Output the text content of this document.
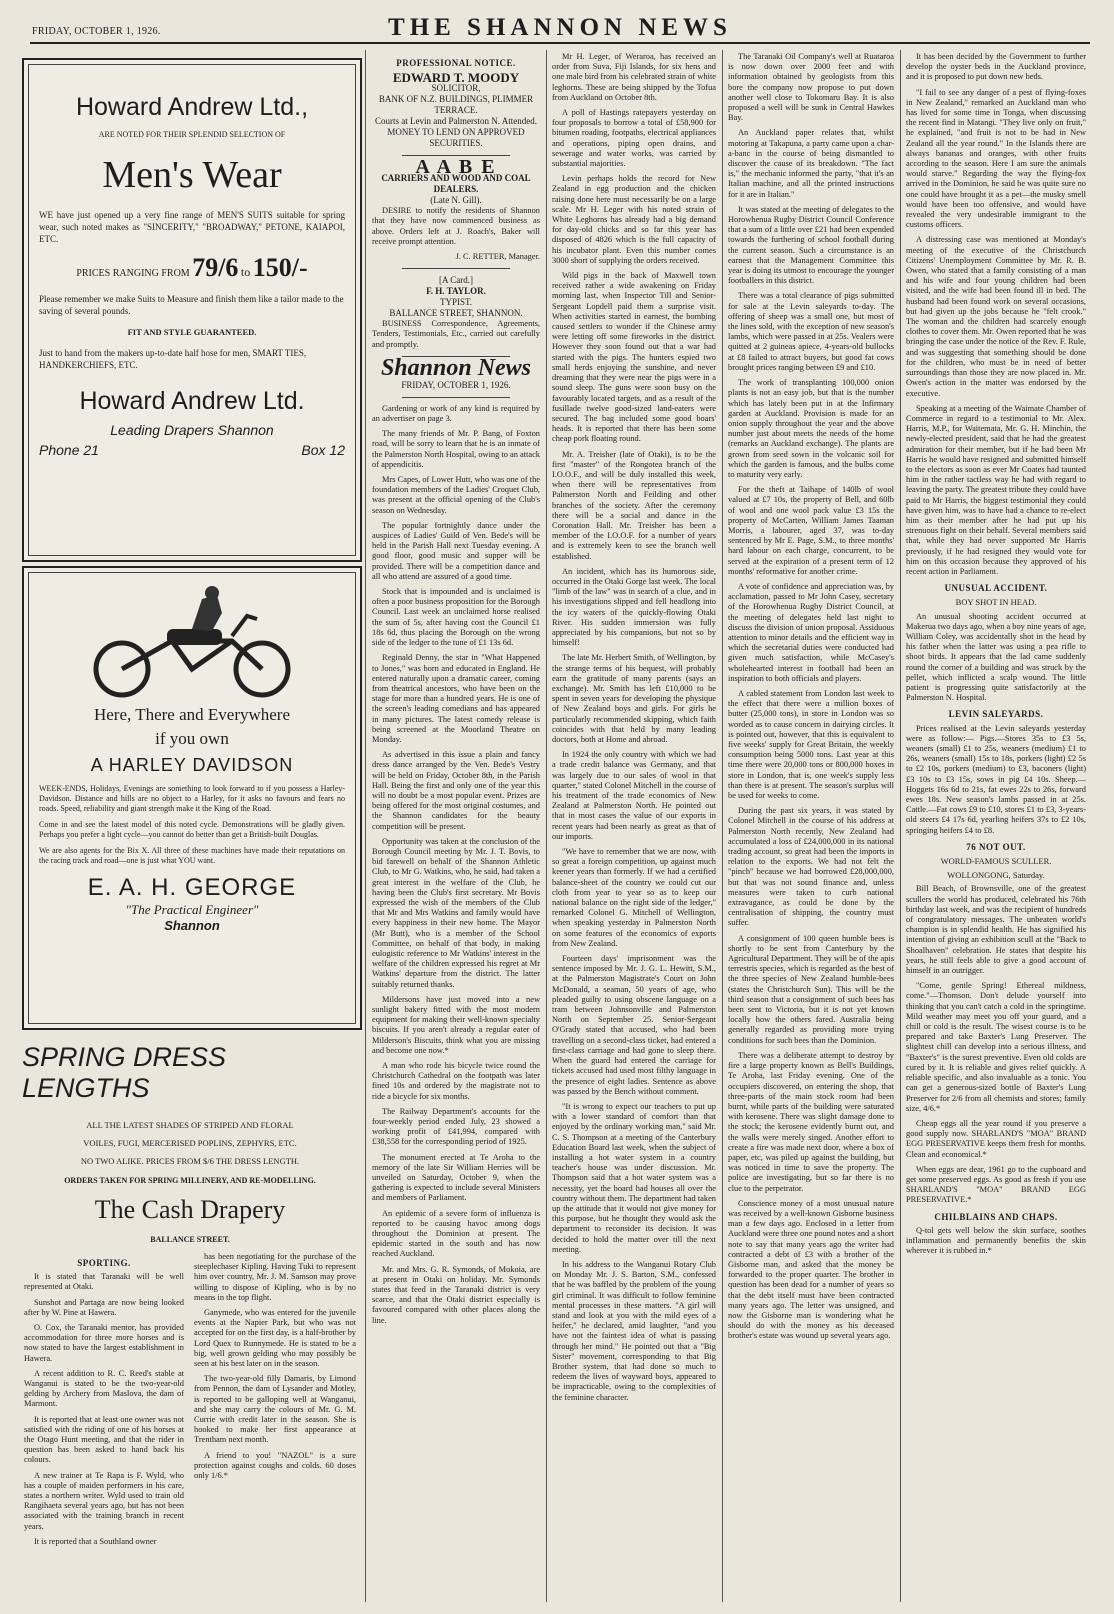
FRIDAY, OCTOBER 1, 1926.	THE SHANNON NEWS
Howard Andrew Ltd.,
ARE NOTED FOR THEIR SPLENDID SELECTION OF
Men's Wear
WE have just opened up a very fine range of MEN'S SUITS suitable for spring wear, such noted makes as "SINCERITY," "BROADWAY," PETONE, KAIAPOI, ETC.
PRICES RANGING FROM 79/6 to 150/-
Please remember we make Suits to Measure and finish them like a tailor made to the saving of several pounds.
FIT AND STYLE GUARANTEED.
Just to hand from the makers up-to-date half hose for men, SMART TIES, HANDKERCHIEFS, ETC.
Howard Andrew Ltd.
Leading Drapers Shannon
Phone 21	Box 12
Here, There and Everywhere
if you own
A HARLEY DAVIDSON
WEEK-ENDS, Holidays, Evenings are something to look forward to if you possess a Harley-Davidson. Distance and hills are no object to a Harley, for it asks no favours and fears no roads. Speed, reliability and giant strength make it the King of the Road.
Come in and see the latest model of this noted cycle. Demonstrations will be gladly given. Perhaps you prefer a light cycle—you cannot do better than get a British-built Douglas.
We are also agents for the Bix X. All three of these machines have made their reputations on the racing track and road—one is just what YOU want.
E. A. H. GEORGE
"The Practical Engineer"
Shannon
SPRING DRESS LENGTHS
ALL THE LATEST SHADES OF STRIPED AND FLORAL
VOILES, FUGI, MERCERISED POPLINS, ZEPHYRS, ETC.
NO TWO ALIKE. PRICES FROM $/6 THE DRESS LENGTH.
ORDERS TAKEN FOR SPRING MILLINERY, AND RE-MODELLING.
The Cash Drapery
BALLANCE STREET.
SPORTING.

It is stated that Taranaki will be well represented at Otaki.

Sunshot and Partaga are now being looked after by W. Pine at Hawera.

O. Cox, the Taranaki mentor, has provided accommodation for three more horses and is now stated to have the largest establishment in Hawera.

A recent addition to R. C. Reed's stable at Wanganui is stated to be the two-year-old gelding by Archery from Maslova, the dam of Marmont.

It is reported that at least one owner was not satisfied with the riding of one of his horses at the Otago Hunt meeting, and that the rider in question has been asked to hand back his colours.

A new trainer at Te Rapa is F. Wyld, who has a couple of maiden performers in his care, states a northern writer. Wyld used to train old Rangihaeta several years ago, but has not been associated with the training branch in recent years.

It is reported that a Southland owner

has been negotiating for the purchase of the steeplechaser Kipling. Having Tuki to represent him over country, Mr. J. M. Samson may prove willing to dispose of Kipling, who is by no means in the top flight.

Ganymede, who was entered for the juvenile events at the Napier Park, but who was not accepted for on the first day, is a half-brother by Lord Quex to Runnymede. He is stated to be a big, well grown gelding who may possibly be seen at his best later on in the season.

The two-year-old filly Damaris, by Limond from Pennon, the dam of Lysander and Motley, is reported to be galloping well at Wanganui, and she may carry the colours of Mr. G. M. Currie with credit later in the season. She is hooked to make her first appearance at Trentham next month.

A friend to you! "NAZOL" is a sure protection against coughs and colds. 60 doses only 1/6.*

PROFESSIONAL NOTICE.
EDWARD T. MOODY
SOLICITOR,
BANK OF N.Z. BUILDINGS, PLIMMER TERRACE.
Courts at Levin and Palmerston N. Attended.
MONEY TO LEND ON APPROVED SECURITIES.
A A B E
CARRIERS AND WOOD AND COAL DEALERS.
(Late N. Gill).

DESIRE to notify the residents of Shannon that they have now commenced business as above. Orders left at J. Roach's, Baker will receive prompt attention.

J. C. RETTER, Manager.
[A Card.]
F. H. TAYLOR.
TYPIST.
BALLANCE STREET, SHANNON.

BUSINESS Correspondence, Agreements, Tenders, Testimonials, Etc., carried out carefully and promptly.

Shannon News
FRIDAY, OCTOBER 1, 1926.

Gardening or work of any kind is required by an advertiser on page 3.

The many friends of Mr. P. Bang, of Foxton road, will be sorry to learn that he is an inmate of the Palmerston North Hospital, owing to an attack of appendicitis.

Mrs Capes, of Lower Hutt, who was one of the foundation members of the Ladies' Croquet Club, was present at the official opening of the Club's season on Wednesday.

The popular fortnightly dance under the auspices of Ladies' Guild of Ven. Bede's will be held in the Parish Hall next Tuesday evening. A good floor, good music and supper will be provided. There will be a competition dance and all who attend are assured of a good time.

Stock that is impounded and is unclaimed is often a poor business proposition for the Borough Council. Last week an unclaimed horse realised the sum of 5s, after having cost the Council £1 18s 6d, thus placing the Borough on the wrong side of the ledger to the tune of £1 13s 6d.

Reginald Denny, the star in "What Happened to Jones," was born and educated in England. He entered naturally upon a dramatic career, coming from theatrical ancestors, who have been on the stage for more than a hundred years. He is one of the screen's leading comedians and has appeared in many pictures. The latest comedy release is being screened at the Moorland Theatre on Monday.

As advertised in this issue a plain and fancy dress dance arranged by the Ven. Bede's Vestry will be held on Friday, October 8th, in the Parish Hall. Being the first and only one of the year this will no doubt be a most popular event. Prizes are being offered for the most original costumes, and the Shannon candidates for the beauty competition will be present.

Opportunity was taken at the conclusion of the Borough Council meeting by Mr. J. T. Bovis, to bid farewell on behalf of the Shannon Athletic Club, to Mr G. Watkins, who, he said, had taken a great interest in the welfare of the Club, he having been the Club's first secretary. Mr Bovis expressed the wish of the members of the Club that Mr and Mrs Watkins and family would have every happiness in their new home. The Mayor (Mr Butt), who is a member of the School Committee, on behalf of that body, in making eulogistic reference to Mr Watkins' interest in the welfare of the children expressed his regret at Mr Watkins' departure from the district. The latter suitably returned thanks.

Mildersons have just moved into a new sunlight bakery fitted with the most modern equipment for making their well-known specialty biscuits. If you aren't already a regular eater of Milderson's Biscuits, think what you are missing and become one now.*

A man who rode his bicycle twice round the Christchurch Cathedral on the footpath was later fined 10s and ordered by the magistrate not to ride a bicycle for six months.

The Railway Department's accounts for the four-weekly period ended July, 23 showed a working profit of £41,994, compared with £38,558 for the corresponding period of 1925.

The monument erected at Te Aroha to the memory of the late Sir William Herries will be unveiled on Saturday, October 9, when the gathering is expected to include several Ministers and members of Parliament.

An epidemic of a severe form of influenza is reported to be causing havoc among dogs throughout the Dominion at present. The epidemic started in the south and has now reached Auckland.

Mr. and Mrs. G. R. Symonds, of Mokoia, are at present in Otaki on holiday. Mr. Symonds states that feed in the Taranaki district is very scarce, and that the Otaki district especially is favoured compared with other places along the line.

Mr H. Leger, of Weraroa, has received an order from Suva, Fiji Islands, for six hens and one male bird from his celebrated strain of white leghorns. These are being shipped by the Tofua from Auckland on October 8th.

A poll of Hastings ratepayers yesterday on four proposals to borrow a total of £58,900 for bitumen roading, footpaths, electrical appliances and operations, piping open drains, and sewerage and water works, was carried by substantial majorities.

Levin perhaps holds the record for New Zealand in egg production and the chicken raising done here must necessarily be on a large scale. Mr H. Leger with his noted strain of White Leghorns has already had a big demand for day-old chicks and so far this year has disposed of 4826 which is the full capacity of his incubator plant. Even this number comes 3000 short of supplying the orders received.

Wild pigs in the back of Maxwell town received rather a wide awakening on Friday morning last, when Inspector Till and Senior-Sergeant Lopdell paid them a surprise visit. When activities started in earnest, the bombing caused settlers to wonder if the Chinese army were letting off some fireworks in the district. However they soon found out that a war had started with the pigs. The hunters espied two small herds enjoying the sunshine, and never dreaming that they were near the pigs were in a sound sleep. The guns were soon busy on the favourably located targets, and as a result of the fusillade twelve good-sized land-eaters were secured. The bag included some good boars' heads. It is reported that there has been some cheap pork floating round.

Mr. A. Treisher (late of Otaki), is to be the first "master" of the Rongotea branch of the I.O.O.F., and will be duly installed this week, when there will be representatives from Palmerston North and Feilding and other branches of the society. After the ceremony there will be a social and dance in the Coronation Hall. Mr. Treisher has been a member of the I.O.O.F. for a number of years and is extremely keen to see the branch well established.

An incident, which has its humorous side, occurred in the Otaki Gorge last week. The local "limb of the law" was in search of a clue, and in his investigations slipped and fell headlong into the icy waters of the quickly-flowing Otaki River. His sudden immersion was fully appreciated by his companions, but not so by himself!

The late Mr. Herbert Smith, of Wellington, by the strange terms of his bequest, will probably earn the gratitude of many parents (says an exchange). Mr. Smith has left £10,000 to be spent in seven years for developing the physique of New Zealand boys and girls. For girls he particularly recommended skipping, which faith coincides with that held by many leading doctors, both at Home and abroad.

In 1924 the only country with which we had a trade credit balance was Germany, and that was largely due to our sales of wool in that quarter," stated Colonel Mitchell in the course of his treatment of the trade economics of New Zealand at Palmerston North. He pointed out that in most cases the value of our exports in recent years had been nearly as great as that of our imports.

"We have to remember that we are now, with so great a foreign competition, up against much keener years than formerly. If we had a certified balance-sheet of the country we could cut our cloth from year to year so as to keep our national balance on the right side of the ledger," remarked Colonel G. Mitchell of Wellington, when speaking yesterday in Palmerston North on some features of the economics of exports from New Zealand.

Fourteen days' imprisonment was the sentence imposed by Mr. J. G. L. Hewitt, S.M., at the Palmerston Magistrate's Court on John McDonald, a seaman, 50 years of age, who pleaded guilty to using obscene language on a tram between Johnsonville and Palmerston North on September 25. Senior-Sergeant O'Grady stated that accused, who had been travelling on a second-class ticket, had entered a first-class carriage and had gone to sleep there. When the guard had entered the carriage for tickets accused had used most filthy language in the presence of eight ladies. Sentence as above was passed by the Bench without comment.

"It is wrong to expect our teachers to put up with a lower standard of comfort than that enjoyed by the ordinary working man," said Mr. C. S. Thompson at a meeting of the Canterbury Education Board last week, when the subject of installing a hot water system in a country teacher's house was under discussion. Mr. Thompson said that a hot water system was a necessity, yet the board had houses all over the country without them. The department had taken up the attitude that it would not give money for this purpose, but he thought they would ask the department to reconsider its decision. It was decided to hold the matter over till the next meeting.

In his address to the Wanganui Rotary Club on Monday Mr. J. S. Barton, S.M., confessed that he was baffled by the problem of the young girl criminal. It was difficult to follow feminine mental processes in these matters. "A girl will stand and look at you with the mild eyes of a heifer," he declared, amid laughter, "and you have not the faintest idea of what is passing through her mind." He pointed out that a "Big Sister" movement, corresponding to that Big Brother system, that had done so much to redeem the lives of wayward boys, appeared to be impracticable, owing to the complexities of the feminine character.

The Taranaki Oil Company's well at Ruataroa is now down over 2000 feet and with information obtained by geologists from this bore the company now propose to put down another well close to Tokomaru Bay. It is also proposed a well will be sunk in Central Hawkes Bay.

An Auckland paper relates that, whilst motoring at Takapuna, a party came upon a char-a-banc in the course of being dismantled to discover the cause of its breakdown. "The fact is," the mechanic informed the party, "that it's an Italian machine, and all the printed instructions for it are in Italian."

It was stated at the meeting of delegates to the Horowhenua Rugby District Council Conference that a sum of a little over £21 had been expended towards the furthering of school football during the current season. Such a circumstance is an earnest that the Management Committee this year is doing its utmost to encourage the younger footballers in this district.

There was a total clearance of pigs submitted for sale at the Levin saleyards to-day. The offering of sheep was a small one, but most of the lines sold, with the exception of new season's lambs, which were passed in at 25s. Vealers were quitted at 2 guineas apiece, 4-years-old bullocks at £8 failed to attract buyers, but good fat cows brought prices ranging between £9 and £10.

The work of transplanting 100,000 onion plants is not an easy job, but that is the number which has lately been put in at the Infirmary garden at Auckland. Provision is made for an onion supply throughout the year and the above number just about meets the needs of the home (remarks an Auckland exchange). The plants are grown from seed sown in the volcanic soil for which the garden is famous, and the bulbs come to maturity very early.

For the theft at Taihape of 140lb of wool valued at £7 10s, the property of Bell, and 60lb of wool and one wool pack value £3 15s the property of McCarten, William James Taaman Morris, a labourer, aged 37, was to-day sentenced by Mr E. Page, S.M., to three months' hard labour on each charge, concurrent, to be served at the expiration of a present term of 12 months' reformative for another crime.

A vote of confidence and appreciation was, by acclamation, passed to Mr John Casey, secretary of the Horowhenua Rugby District Council, at the meeting of delegates held last night to discuss the division of union proposal. Assiduous attention to minor details and the efficient way in which the secretarial duties were conducted had given much satisfaction, while McCasey's wholehearted interest in football had been an inspiration to both officials and players.

A cabled statement from London last week to the effect that there were a million boxes of butter (25,000 tons), in store in London was so worded as to cause concern in dairying circles. It is pointed out, however, that this is equivalent to five weeks' supply for Great Britain, the weekly consumption being 5000 tons. Last year at this time there were 20,000 tons or 800,000 boxes in store in London, that is, one week's supply less than there is at present. The season's surplus will be used for weeks to come.

During the past six years, it was stated by Colonel Mitchell in the course of his address at Palmerston North recently, New Zealand had accumulated a loss of £24,000,000 in its national trading account, so great had been the imports in relation to the exports. We had not felt the "pinch" because we had borrowed £28,000,000, but that was not sound finance and, unless measures were taken to curb national extravagance, as could be done by the centralisation of shipping, the country must suffer.

A consignment of 100 queen humble bees is shortly to be sent from Canterbury by the Agricultural Department. They will be of the apis terrestris species, which is regarded as the best of the three species of New Zealand humble-bees (states the Christchurch Sun). This will be the third season that a consignment of such bees has been sent to Victoria, but it is not yet known locally how the others fared. Australia being generally regarded as providing more trying conditions for such bees than the Dominion.

There was a deliberate attempt to destroy by fire a large property known as Bell's Buildings, Te Aroha, last Friday evening. One of the occupiers discovered, on entering the shop, that three-parts of the main stock room had been burnt, while parts of the building were saturated with kerosene. There was slight damage done to the stock; the kerosene evidently burnt out, and the walls were merely singed. Another effort to create a fire was made next door, where a box of paper, etc, was piled up against the building, but was noticed in time to save the property. The police are investigating, but so far there is no clue to the perpetrator.

Conscience money of a most unusual nature was received by a well-known Gisborne business man a few days ago. Enclosed in a letter from Auckland were three one pound notes and a short note to say that many years ago the writer had contracted a debt of £3 with a brother of the Gisborne man, and asked that the money be forwarded to the proper quarter. The brother in question has been dead for a number of years so that the debt itself must have been contracted many years ago. The letter was unsigned, and now the Gisborne man is wondering what he should do with the money as his deceased brother's estate was wound up several years ago.

It has been decided by the Government to further develop the oyster beds in the Auckland province, and it is proposed to put down new beds.

"I fail to see any danger of a pest of flying-foxes in New Zealand," remarked an Auckland man who has lived for some time in Tonga, when discussing the recent find in Matangi. "They live only on fruit," he explained, "and fruit is not to be had in New Zealand all the year round." In the Islands there are always bananas and oranges, with other fruits according to the season. Here I am sure the animals would starve." Regarding the way the flying-fox arrived in the Dominion, he said he was quite sure no one could have brought it as a pet—the musky smell would have been too offensive, and would have revealed the very undesirable immigrant to the customs officers.

A distressing case was mentioned at Monday's meeting of the executive of the Christchurch Citizens' Unemployment Committee by Mr. R. B. Owen, who stated that a family consisting of a man and his wife and four young children had been visited, and the wife had been found ill in bed. The husband had been found work on several occasions, but had given up the jobs because he "felt crook." The woman and the children had scarcely enough clothes to cover them. Mr. Owen reported that he was bringing the case under the notice of the Rev. F. Rule, and was suggesting that something should be done for the children, who must be in need of better surroundings than those they are now placed in. Mr. Owen's action in the matter was endorsed by the executive.

Speaking at a meeting of the Waimate Chamber of Commerce in regard to a testimonial to Mr. Alex. Harris, M.P., for Waitemata, Mr. G. H. Minchin, the newly-elected president, said that he had the greatest admiration for their member, but if he had been Mr Harris he would have resigned and submitted himself to the electors as soon as ever Mr Coates had taunted him in the rather tactless way he had with regard to leaving the party. The greatest tribute they could have paid to Mr Harris, the biggest testimonial they could have given him, was to have had a chance to re-elect him as their member after he had put up his strenuous fight on their behalf. Several members said that, while they had never supported Mr Harris previously, if he had resigned they would vote for him on this occasion because they approved of his recent action in Parliament.

UNUSUAL ACCIDENT.
BOY SHOT IN HEAD.

An unusual shooting accident occurred at Makerua two days ago, when a boy nine years of age, William Coley, was accidentally shot in the head by his father when the latter was using a pea rifle to shoot birds. It appears that the lad came suddenly round the corner of a building and was struck by the pellet, which inflicted a scalp wound. The little patient is progressing quite satisfactorily at the Palmerston N. Hospital.

LEVIN SALEYARDS.

Prices realised at the Levin saleyards yesterday were as follow:— Pigs.—Stores 35s to £3 5s, weaners (small) £1 to 25s, weaners (medium) £1 to 26s, weaners (small) 15s to 18s, porkers (light) £2 5s to £2 10s, porkers (medium) to £3, baconers (light) £3 10s to £3 15s, sows in pig £4 10s. Sheep.—Hoggets 16s 6d to 21s, fat ewes 22s to 26s, forward ewes 18s. New season's lambs passed in at 25s. Cattle.—Fat cows £9 to £10, stores £1 to £3, 3-years-old steers £4 17s 6d, yearling heifers 37s to £2 10s, springing heifers £4 to £8.

76 NOT OUT.
WORLD-FAMOUS SCULLER.
WOLLONGONG, Saturday.

Bill Beach, of Brownsville, one of the greatest scullers the world has produced, celebrated his 76th birthday last week, and was the recipient of hundreds of congratulatory messages. The unbeaten world's champion is in splendid health. He has signified his intention of giving an exhibition scull at the "Back to Shoalhaven" celebration. He states that despite his years, he still feels able to give a good account of himself in an outrigger.

"Come, gentle Spring! Ethereal mildness, come."—Thomson. Don't delude yourself into thinking that you can't catch a cold in the springtime. Mild weather may meet you off your guard, and a chill or cold is the result. The wisest course is to be prepared and take Baxter's Lung Preserver. The slightest chill can develop into a serious illness, and "Baxter's" is the surest preventive. Even old colds are cured by it. It is reliable and gives relief quickly. A reliable specific, and also invaluable as a tonic. You can get a generous-sized bottle of Baxter's Lung Preserver for 2/6 from all chemists and stores; family size, 4/6.*

Cheap eggs all the year round if you preserve a good supply now. SHARLAND'S "MOA" BRAND EGG PRESERVATIVE keeps them fresh for months. Clean and economical.*

When eggs are dear, 1961 go to the cupboard and get some preserved eggs. As good as fresh if you use SHARLAND'S "MOA" BRAND EGG PRESERVATIVE.*

CHILBLAINS AND CHAPS.

Q-tol gets well below the skin surface, soothes inflammation and permanently benefits the skin wherever it is rubbed in.*
